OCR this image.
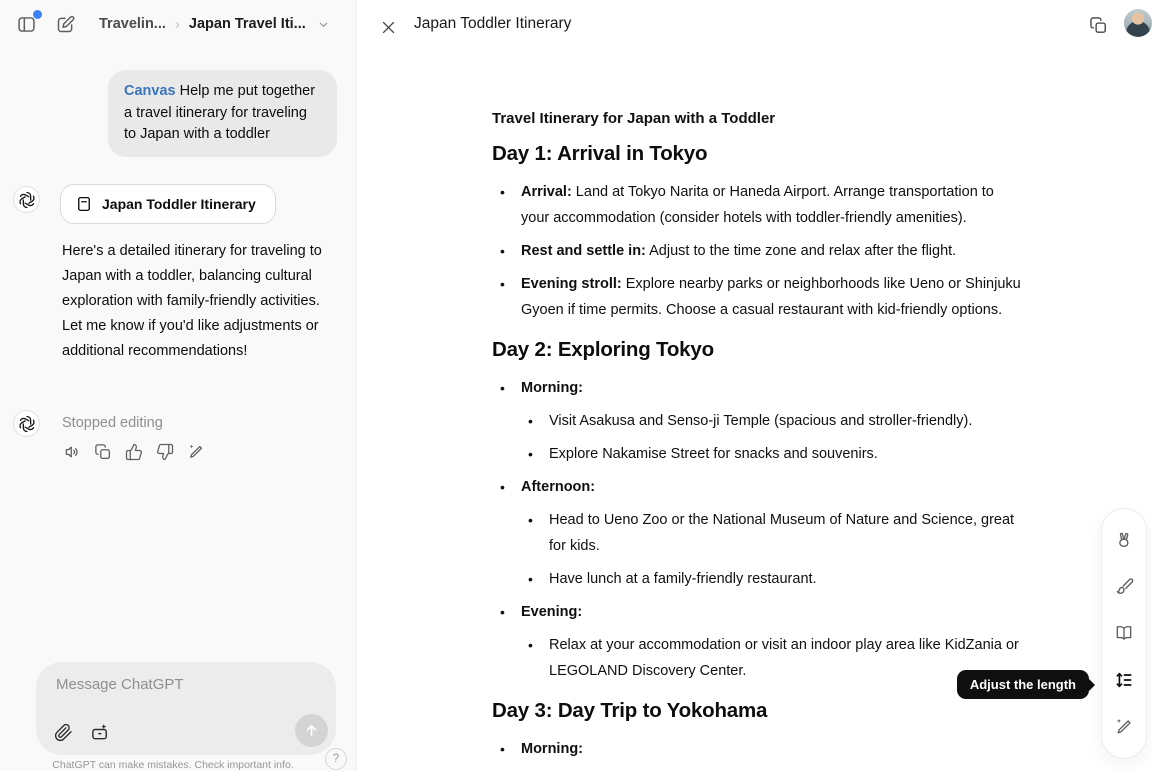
Travelin... › Japan Travel Iti...
Canvas Help me put together a travel itinerary for traveling to Japan with a toddler
Japan Toddler Itinerary

Here's a detailed itinerary for traveling to Japan with a toddler, balancing cultural exploration with family-friendly activities. Let me know if you'd like adjustments or additional recommendations!

Stopped editing
Message ChatGPT

ChatGPT can make mistakes. Check important info.	?
Japan Toddler Itinerary

Travel Itinerary for Japan with a Toddler

Day 1: Arrival in Tokyo
• Arrival: Land at Tokyo Narita or Haneda Airport. Arrange transportation to your accommodation (consider hotels with toddler-friendly amenities).
• Rest and settle in: Adjust to the time zone and relax after the flight.
• Evening stroll: Explore nearby parks or neighborhoods like Ueno or Shinjuku Gyoen if time permits. Choose a casual restaurant with kid-friendly options.
Day 2: Exploring Tokyo
• Morning:
• Visit Asakusa and Senso-ji Temple (spacious and stroller-friendly).
• Explore Nakamise Street for snacks and souvenirs.
• Afternoon:
• Head to Ueno Zoo or the National Museum of Nature and Science, great for kids.
• Have lunch at a family-friendly restaurant.
• Evening:
• Relax at your accommodation or visit an indoor play area like KidZania or LEGOLAND Discovery Center.
Day 3: Day Trip to Yokohama
• Morning:
Adjust the length
